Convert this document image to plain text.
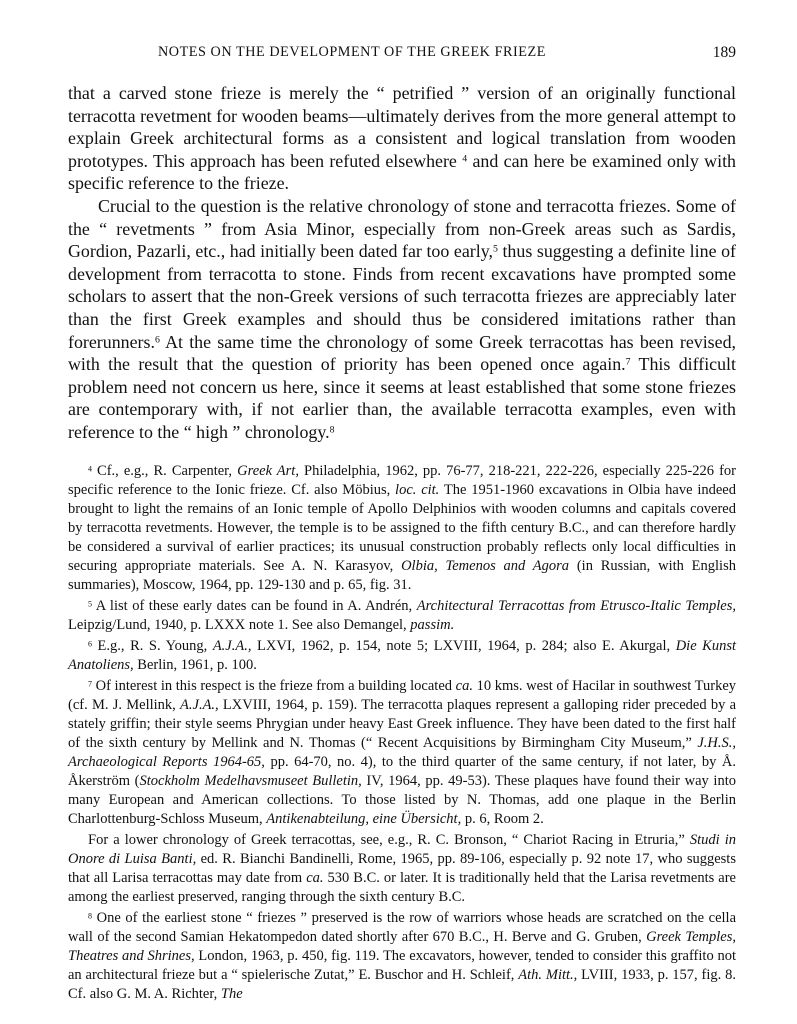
NOTES ON THE DEVELOPMENT OF THE GREEK FRIEZE	189

that a carved stone frieze is merely the “ petrified ” version of an originally functional terracotta revetment for wooden beams—ultimately derives from the more general attempt to explain Greek architectural forms as a consistent and logical translation from wooden prototypes. This approach has been refuted elsewhere $^4$ and can here be examined only with specific reference to the frieze.

Crucial to the question is the relative chronology of stone and terracotta friezes. Some of the “ revetments ” from Asia Minor, especially from non-Greek areas such as Sardis, Gordion, Pazarli, etc., had initially been dated far too early,$^5$ thus suggesting a definite line of development from terracotta to stone. Finds from recent excavations have prompted some scholars to assert that the non-Greek versions of such terracotta friezes are appreciably later than the first Greek examples and should thus be considered imitations rather than forerunners.$^6$ At the same time the chronology of some Greek terracottas has been revised, with the result that the question of priority has been opened once again.$^7$ This difficult problem need not concern us here, since it seems at least established that some stone friezes are contemporary with, if not earlier than, the available terracotta examples, even with reference to the “ high ” chronology.$^8$

$^4$ Cf., e.g., R. Carpenter, Greek Art, Philadelphia, 1962, pp. 76-77, 218-221, 222-226, especially 225-226 for specific reference to the Ionic frieze. Cf. also Möbius, loc. cit. The 1951-1960 excavations in Olbia have indeed brought to light the remains of an Ionic temple of Apollo Delphinios with wooden columns and capitals covered by terracotta revetments. However, the temple is to be assigned to the fifth century B.C., and can therefore hardly be considered a survival of earlier practices; its unusual construction probably reflects only local difficulties in securing appropriate materials. See A. N. Karasyov, Olbia, Temenos and Agora (in Russian, with English summaries), Moscow, 1964, pp. 129-130 and p. 65, fig. 31.

$^5$ A list of these early dates can be found in A. Andrén, Architectural Terracottas from Etrusco-Italic Temples, Leipzig/Lund, 1940, p. LXXX note 1. See also Demangel, passim.

$^6$ E.g., R. S. Young, A.J.A., LXVI, 1962, p. 154, note 5; LXVIII, 1964, p. 284; also E. Akurgal, Die Kunst Anatoliens, Berlin, 1961, p. 100.

$^7$ Of interest in this respect is the frieze from a building located ca. 10 kms. west of Hacilar in southwest Turkey (cf. M. J. Mellink, A.J.A., LXVIII, 1964, p. 159). The terracotta plaques represent a galloping rider preceded by a stately griffin; their style seems Phrygian under heavy East Greek influence. They have been dated to the first half of the sixth century by Mellink and N. Thomas (“ Recent Acquisitions by Birmingham City Museum,” J.H.S., Archaeological Reports 1964-65, pp. 64-70, no. 4), to the third quarter of the same century, if not later, by Å. Åkerström (Stockholm Medelhavsmuseet Bulletin, IV, 1964, pp. 49-53). These plaques have found their way into many European and American collections. To those listed by N. Thomas, add one plaque in the Berlin Charlottenburg-Schloss Museum, Antikenabteilung, eine Übersicht, p. 6, Room 2.

For a lower chronology of Greek terracottas, see, e.g., R. C. Bronson, “ Chariot Racing in Etruria,” Studi in Onore di Luisa Banti, ed. R. Bianchi Bandinelli, Rome, 1965, pp. 89-106, especially p. 92 note 17, who suggests that all Larisa terracottas may date from ca. 530 B.C. or later. It is traditionally held that the Larisa revetments are among the earliest preserved, ranging through the sixth century B.C.

$^8$ One of the earliest stone “ friezes ” preserved is the row of warriors whose heads are scratched on the cella wall of the second Samian Hekatompedon dated shortly after 670 B.C., H. Berve and G. Gruben, Greek Temples, Theatres and Shrines, London, 1963, p. 450, fig. 119. The excavators, however, tended to consider this graffito not an architectural frieze but a “ spielerische Zutat,” E. Buschor and H. Schleif, Ath. Mitt., LVIII, 1933, p. 157, fig. 8. Cf. also G. M. A. Richter, The
